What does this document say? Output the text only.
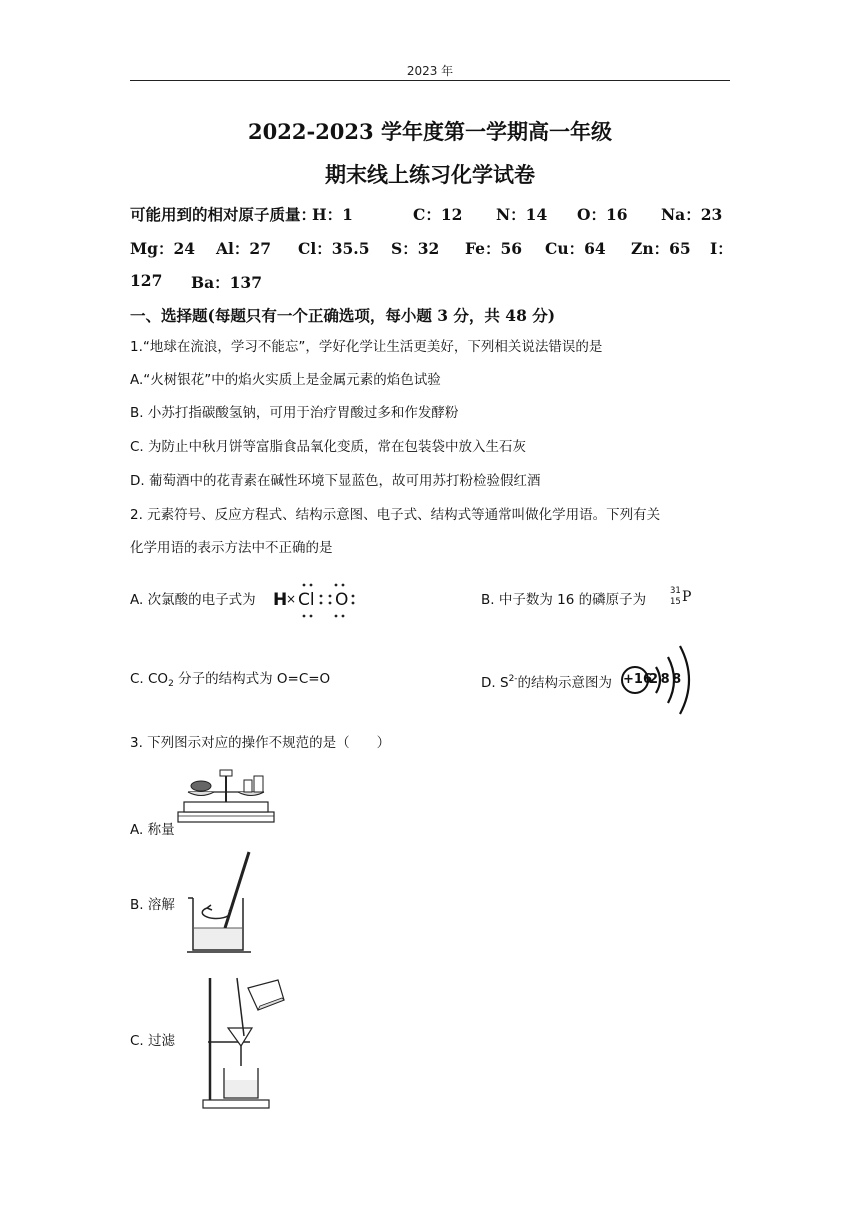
2023 年
2022-2023 学年度第一学期高一年级
期末线上练习化学试卷
可能用到的相对原子质量：
H：1	C：12 N：14 O：16 Na：23
Mg：24 Al：27 Cl：35.5 S：32 Fe：56 Cu：64 Zn：65 I：
127 Ba：137
一、选择题(每题只有一个正确选项，每小题 3 分，共 48 分)
1.“地球在流浪，学习不能忘”，学好化学让生活更美好，下列相关说法错误的是
A.“火树银花”中的焰火实质上是金属元素的焰色试验
B. 小苏打指碳酸氢钠，可用于治疗胃酸过多和作发酵粉
C. 为防止中秋月饼等富脂食品氧化变质，常在包装袋中放入生石灰
D. 葡萄酒中的花青素在碱性环境下显蓝色，故可用苏打粉检验假红酒
2. 元素符号、反应方程式、结构示意图、电子式、结构式等通常叫做化学用语。下列有关
化学用语的表示方法中不正确的是
A. 次氯酸的电子式为 H
× Cl O	B. 中子数为 16 的磷原子为
31
15 P
C. $CO_2$ 分子的结构式为 O=C=O	D. $S^{2-}$的结构示意图为 +16
2 8 8
3. 下列图示对应的操作不规范的是（　　）
A. 称量
B. 溶解
C. 过滤
